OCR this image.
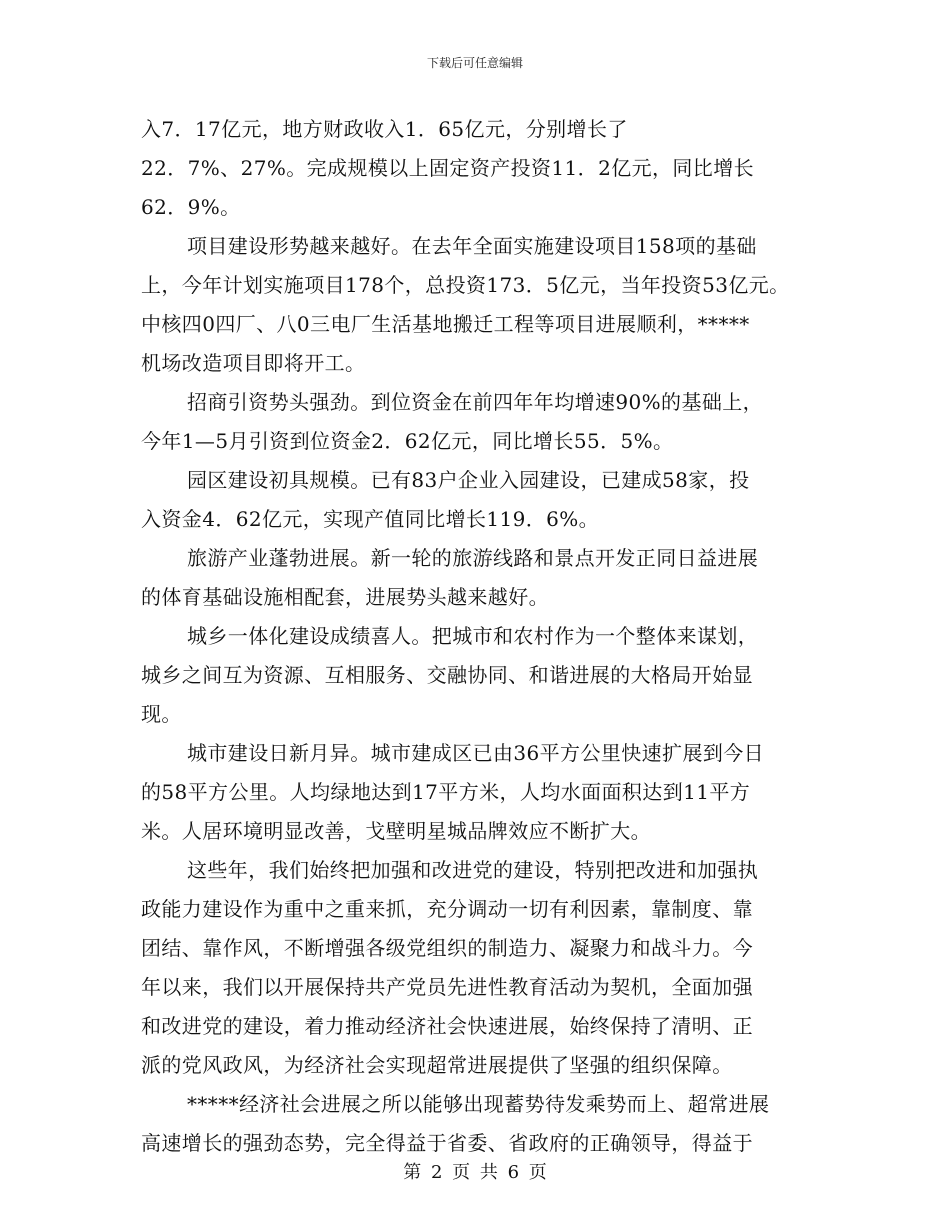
下载后可任意编辑
入7．17亿元，地方财政收入1．65亿元，分别增长了
22．7%、27%。完成规模以上固定资产投资11．2亿元，同比增长
62．9%。
项目建设形势越来越好。在去年全面实施建设项目158项的基础
上，今年计划实施项目178个，总投资173．5亿元，当年投资53亿元。
中核四0四厂、八0三电厂生活基地搬迁工程等项目进展顺利，*****
机场改造项目即将开工。
招商引资势头强劲。到位资金在前四年年均增速90%的基础上，
今年1—5月引资到位资金2．62亿元，同比增长55．5%。
园区建设初具规模。已有83户企业入园建设，已建成58家，投
入资金4．62亿元，实现产值同比增长119．6%。
旅游产业蓬勃进展。新一轮的旅游线路和景点开发正同日益进展
的体育基础设施相配套，进展势头越来越好。
城乡一体化建设成绩喜人。把城市和农村作为一个整体来谋划，
城乡之间互为资源、互相服务、交融协同、和谐进展的大格局开始显
现。
城市建设日新月异。城市建成区已由36平方公里快速扩展到今日
的58平方公里。人均绿地达到17平方米，人均水面面积达到11平方
米。人居环境明显改善，戈壁明星城品牌效应不断扩大。
这些年，我们始终把加强和改进党的建设，特别把改进和加强执
政能力建设作为重中之重来抓，充分调动一切有利因素，靠制度、靠
团结、靠作风，不断增强各级党组织的制造力、凝聚力和战斗力。今
年以来，我们以开展保持共产党员先进性教育活动为契机，全面加强
和改进党的建设，着力推动经济社会快速进展，始终保持了清明、正
派的党风政风，为经济社会实现超常进展提供了坚强的组织保障。
*****经济社会进展之所以能够出现蓄势待发乘势而上、超常进展
高速增长的强劲态势，完全得益于省委、省政府的正确领导，得益于
第 2 页 共 6 页
